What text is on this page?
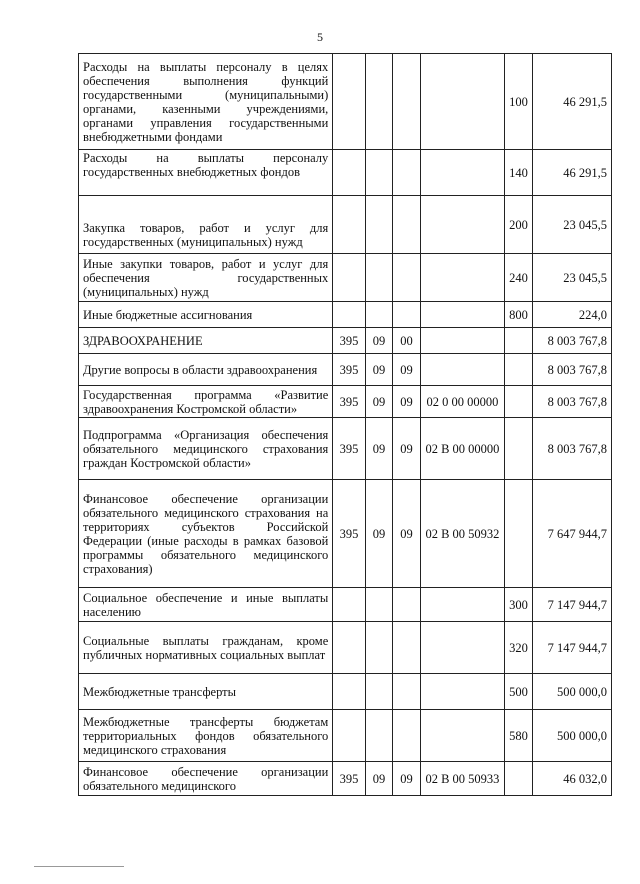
5
Расходы на выплаты персоналу в целях обеспечения выполнения функций государственными (муниципальными) органами, казенными учреждениями, органами управления государственными внебюджетными фондами					100	46 291,5
Расходы на выплаты персоналу государственных внебюджетных фондов					140	46 291,5
Закупка товаров, работ и услуг для государственных (муниципальных) нужд					200	23 045,5
Иные закупки товаров, работ и услуг для обеспечения государственных (муниципальных) нужд					240	23 045,5
Иные бюджетные ассигнования					800	224,0
ЗДРАВООХРАНЕНИЕ	395	09	00			8 003 767,8
Другие вопросы в области здравоохранения	395	09	09			8 003 767,8
Государственная программа «Развитие здравоохранения Костромской области»	395	09	09	02 0 00 00000		8 003 767,8
Подпрограмма «Организация обеспечения обязательного медицинского страхования граждан Костромской области»	395	09	09	02 В 00 00000		8 003 767,8
Финансовое обеспечение организации обязательного медицинского страхования на территориях субъектов Российской Федерации (иные расходы в рамках базовой программы обязательного медицинского страхования)	395	09	09	02 В 00 50932		7 647 944,7
Социальное обеспечение и иные выплаты населению					300	7 147 944,7
Социальные выплаты гражданам, кроме публичных нормативных социальных выплат					320	7 147 944,7
Межбюджетные трансферты					500	500 000,0
Межбюджетные трансферты бюджетам территориальных фондов обязательного медицинского страхования					580	500 000,0
Финансовое обеспечение организации обязательного медицинского	395	09	09	02 В 00 50933		46 032,0
